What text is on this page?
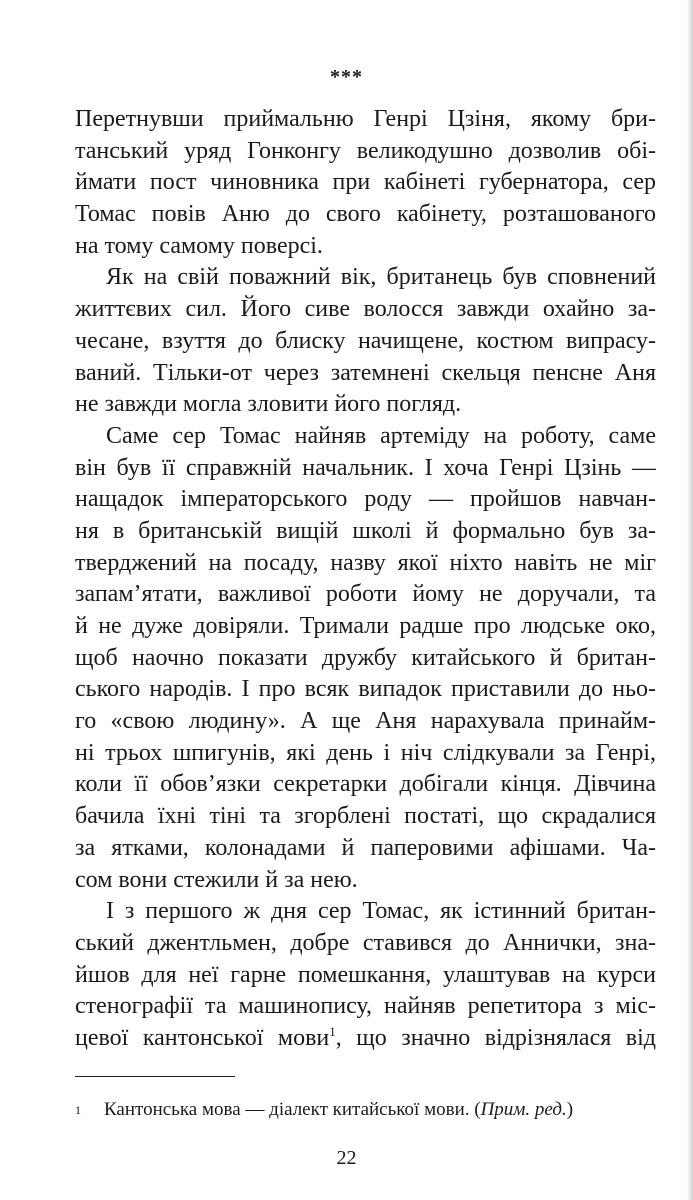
***
Перетнувши приймальню Генрі Цзіня, якому бри-
танський уряд Гонконгу великодушно дозволив обі-
ймати пост чиновника при кабінеті губернатора, сер
Томас повів Аню до свого кабінету, розташованого
на тому самому поверсі.
Як на свій поважний вік, британець був сповнений
життєвих сил. Його сиве волосся завжди охайно за-
чесане, взуття до блиску начищене, костюм випрасу-
ваний. Тільки-от через затемнені скельця пенсне Аня
не завжди могла зловити його погляд.
Саме сер Томас найняв артеміду на роботу, саме
він був її справжній начальник. І хоча Генрі Цзінь —
нащадок імператорського роду — пройшов навчан-
ня в британській вищій школі й формально був за-
тверджений на посаду, назву якої ніхто навіть не міг
запам’ятати, важливої роботи йому не доручали, та
й не дуже довіряли. Тримали радше про людське око,
щоб наочно показати дружбу китайського й британ-
ського народів. І про всяк випадок приставили до ньо-
го «свою людину». А ще Аня нарахувала принайм-
ні трьох шпигунів, які день і ніч слідкували за Генрі,
коли її обов’язки секретарки добігали кінця. Дівчина
бачила їхні тіні та згорблені постаті, що скрадалися
за ятками, колонадами й паперовими афішами. Ча-
сом вони стежили й за нею.
І з першого ж дня сер Томас, як істинний британ-
ський джентльмен, добре ставився до Аннички, зна-
йшов для неї гарне помешкання, улаштував на курси
стенографії та машинопису, найняв репетитора з міс-
цевої кантонської мови$^1$, що значно відрізнялася від
1 Кантонська мова — діалект китайської мови. (Прим. ред.)
22
